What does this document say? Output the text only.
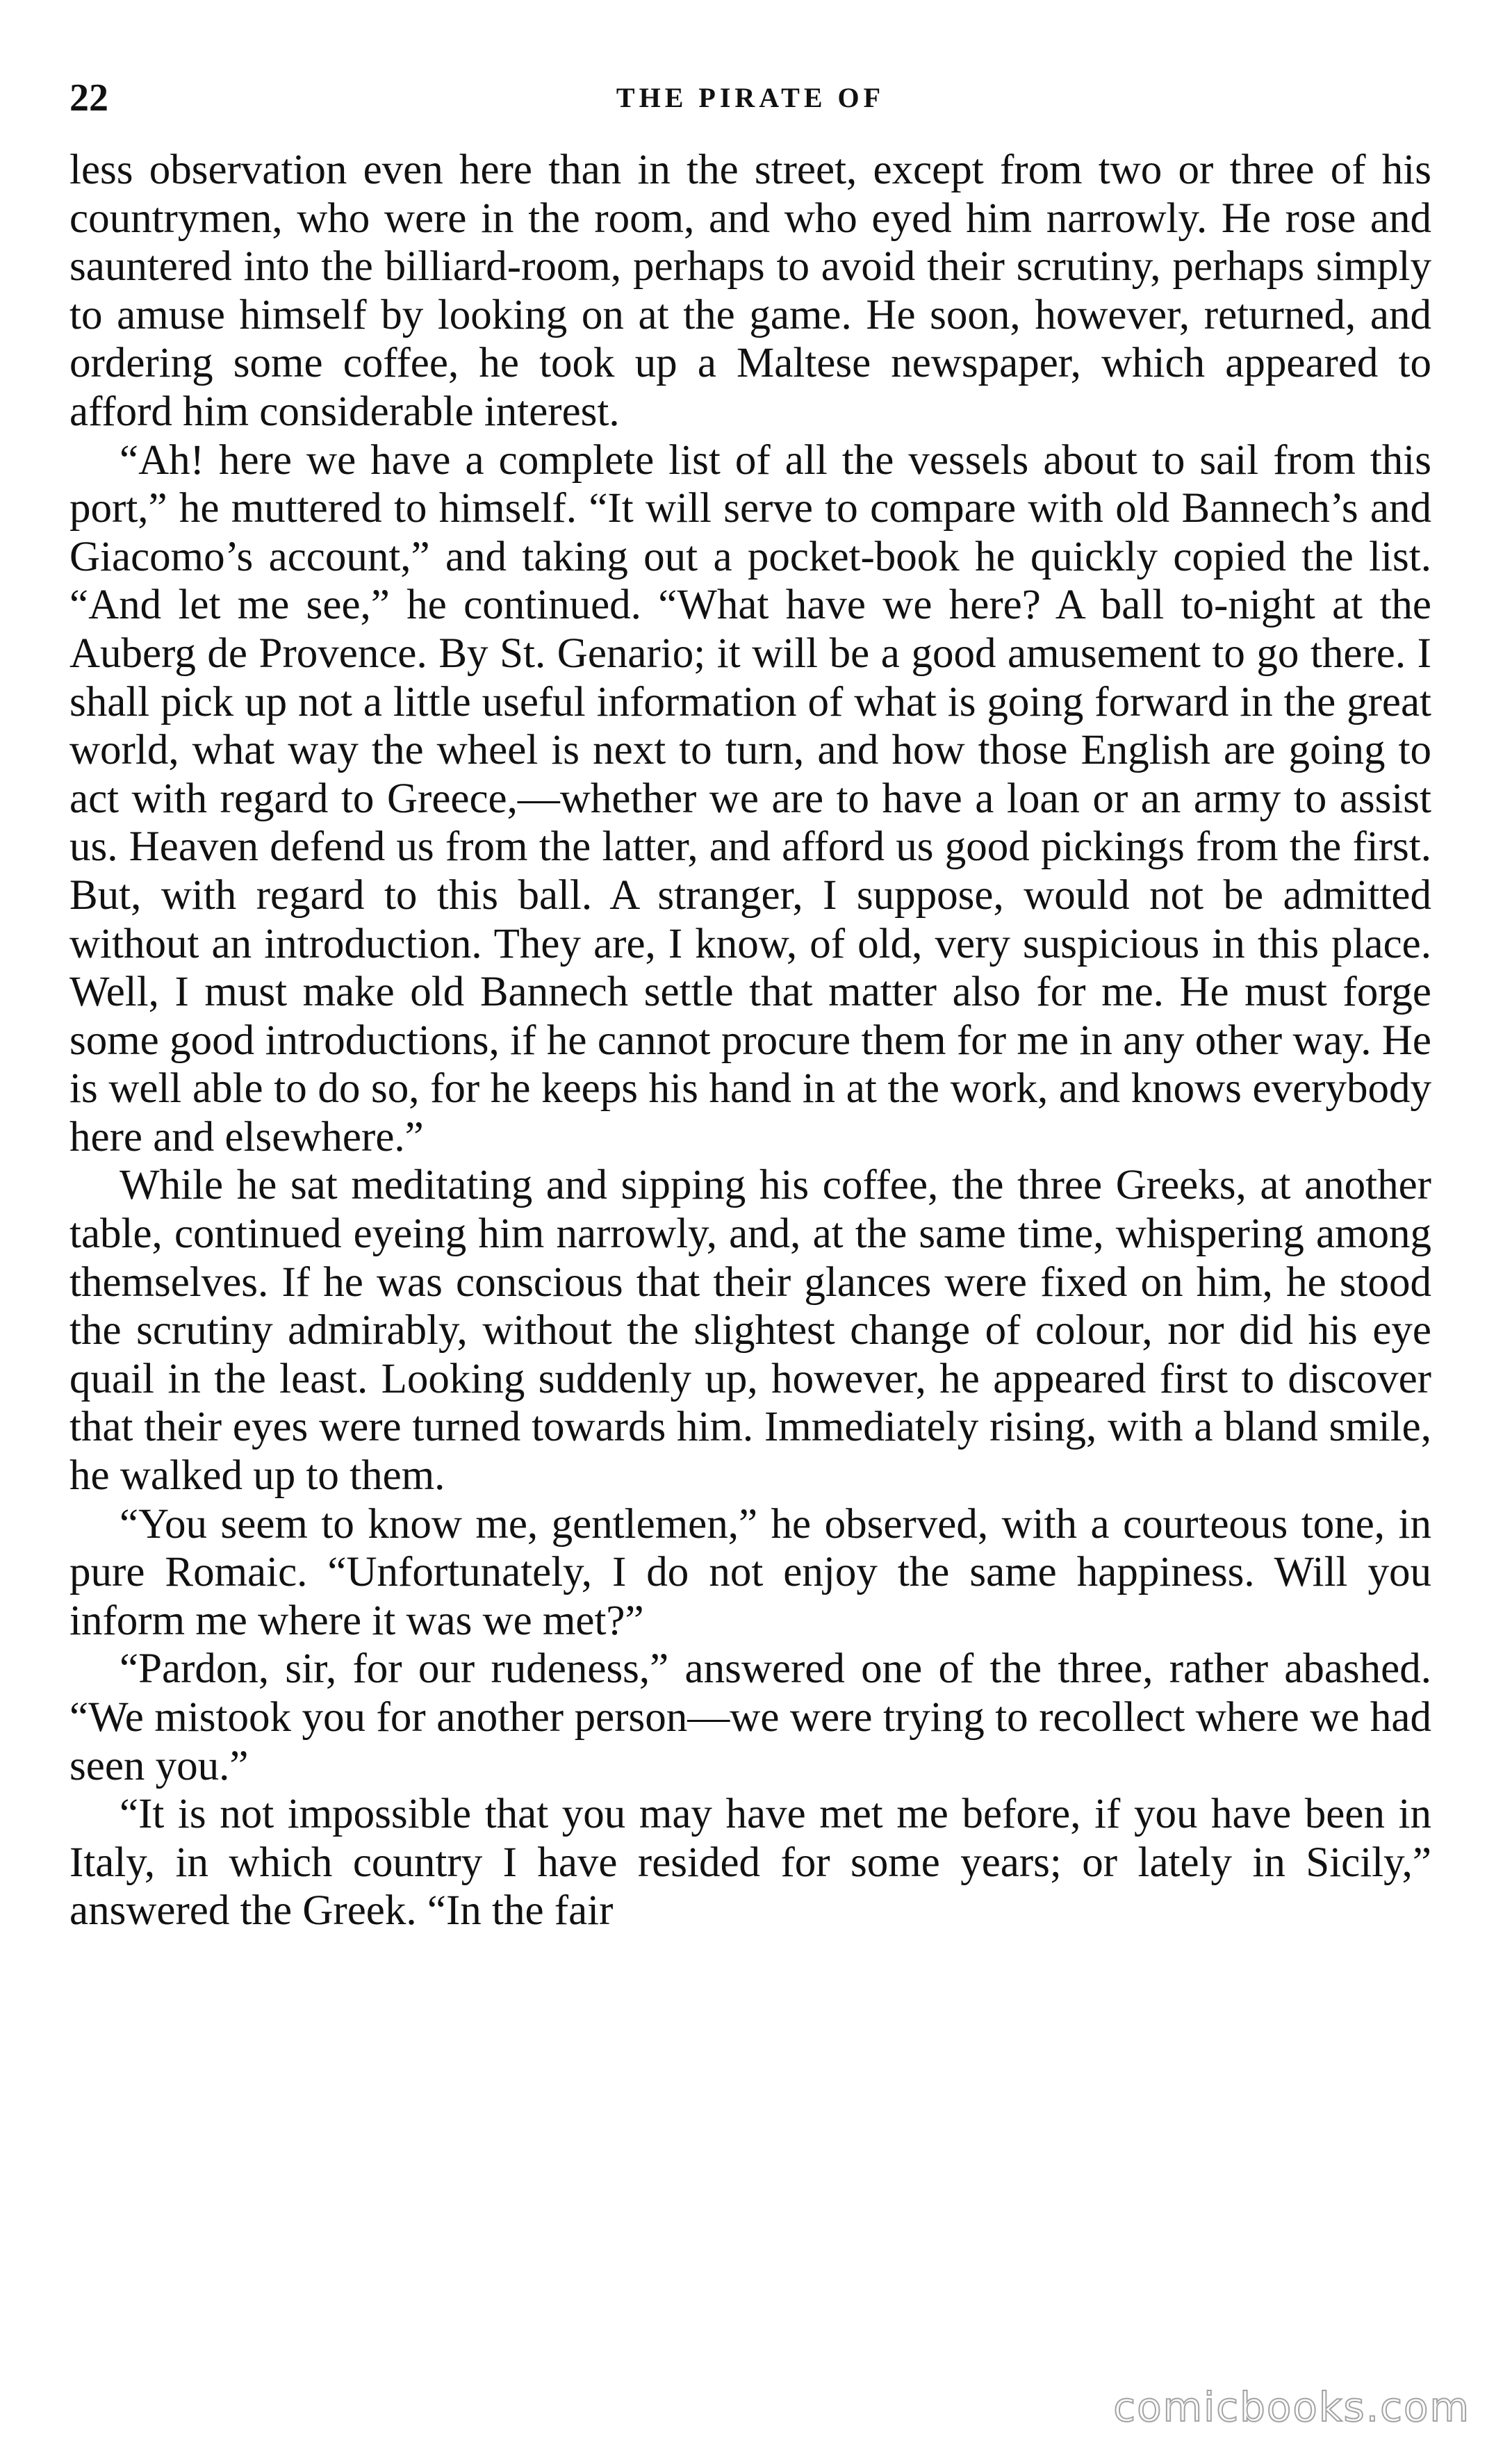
22	THE PIRATE OF

less observation even here than in the street, except from two or three of his countrymen, who were in the room, and who eyed him narrowly. He rose and sauntered into the billiard-room, perhaps to avoid their scrutiny, perhaps simply to amuse himself by looking on at the game. He soon, however, returned, and ordering some coffee, he took up a Maltese newspaper, which appeared to afford him considerable interest.

“Ah! here we have a complete list of all the vessels about to sail from this port,” he muttered to himself. “It will serve to compare with old Bannech’s and Giacomo’s account,” and taking out a pocket-book he quickly copied the list. “And let me see,” he continued. “What have we here? A ball to-night at the Auberg de Provence. By St. Genario; it will be a good amusement to go there. I shall pick up not a little useful information of what is going forward in the great world, what way the wheel is next to turn, and how those English are going to act with regard to Greece,—whether we are to have a loan or an army to assist us. Heaven defend us from the latter, and afford us good pickings from the first. But, with regard to this ball. A stranger, I suppose, would not be admitted without an introduction. They are, I know, of old, very suspicious in this place. Well, I must make old Bannech settle that matter also for me. He must forge some good introductions, if he cannot procure them for me in any other way. He is well able to do so, for he keeps his hand in at the work, and knows everybody here and elsewhere.”

While he sat meditating and sipping his coffee, the three Greeks, at another table, continued eyeing him narrowly, and, at the same time, whispering among themselves. If he was conscious that their glances were fixed on him, he stood the scrutiny admirably, without the slightest change of colour, nor did his eye quail in the least. Looking suddenly up, however, he appeared first to discover that their eyes were turned towards him. Immediately rising, with a bland smile, he walked up to them.

“You seem to know me, gentlemen,” he observed, with a courteous tone, in pure Romaic. “Unfortunately, I do not enjoy the same happiness. Will you inform me where it was we met?”

“Pardon, sir, for our rudeness,” answered one of the three, rather abashed. “We mistook you for another person—we were trying to recollect where we had seen you.”

“It is not impossible that you may have met me before, if you have been in Italy, in which country I have resided for some years; or lately in Sicily,” answered the Greek. “In the fair

comicbooks.com
